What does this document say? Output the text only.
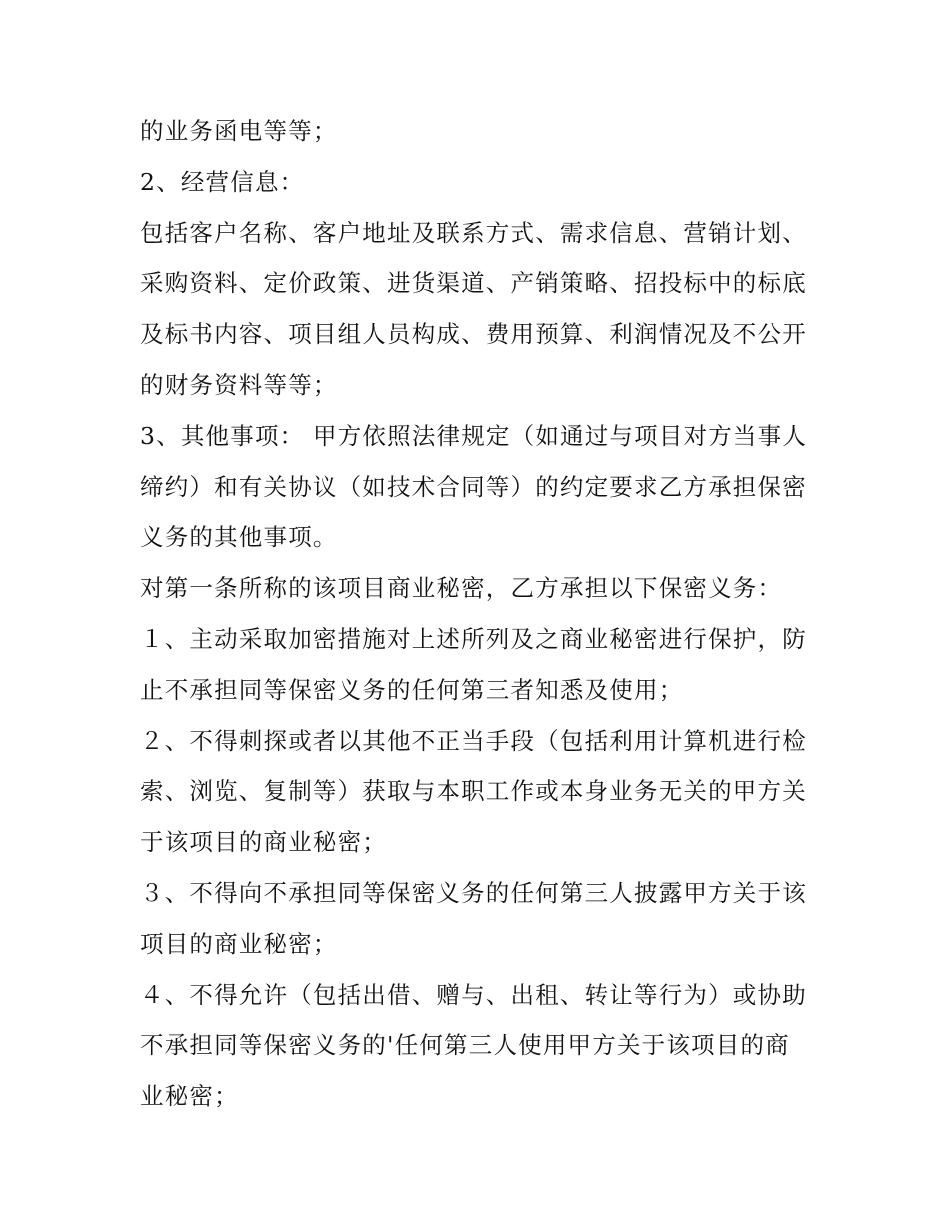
的业务函电等等；
2、经营信息：
包括客户名称、客户地址及联系方式、需求信息、营销计划、
采购资料、定价政策、进货渠道、产销策略、招投标中的标底
及标书内容、项目组人员构成、费用预算、利润情况及不公开
的财务资料等等；
3、其他事项： 甲方依照法律规定（如通过与项目对方当事人
缔约）和有关协议（如技术合同等）的约定要求乙方承担保密
义务的其他事项。
对第一条所称的该项目商业秘密，乙方承担以下保密义务：
１、主动采取加密措施对上述所列及之商业秘密进行保护，防
止不承担同等保密义务的任何第三者知悉及使用；
２、不得刺探或者以其他不正当手段（包括利用计算机进行检
索、浏览、复制等）获取与本职工作或本身业务无关的甲方关
于该项目的商业秘密；
３、不得向不承担同等保密义务的任何第三人披露甲方关于该
项目的商业秘密；
４、不得允许（包括出借、赠与、出租、转让等行为）或协助
不承担同等保密义务的'任何第三人使用甲方关于该项目的商
业秘密；
